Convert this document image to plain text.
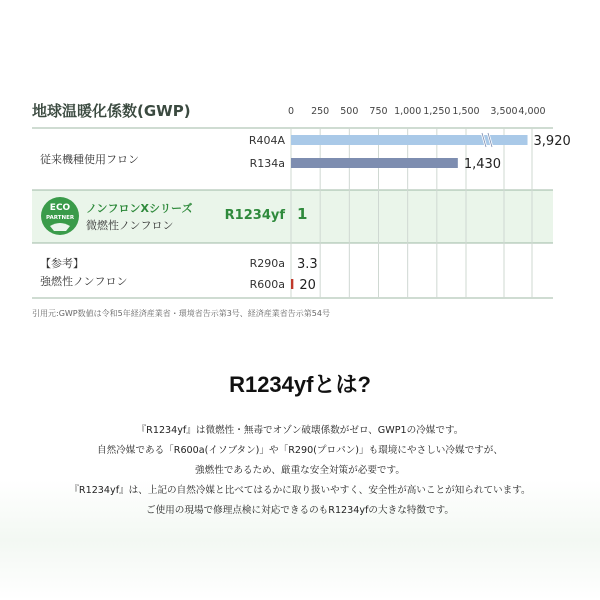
地球温暖化係数(GWP)	0 250 500 750 1,000 1,250 1,500 3,500 4,000
従来機種使用フロン
ECO
PARTNER
ノンフロンXシリーズ
微燃性ノンフロン
【参考】
強燃性ノンフロン
R404A	3,920
R134a	1,430
R1234yf 1
R290a 3.3
R600a 20
引用元:GWP数値は令和5年経済産業省・環境省告示第3号、経済産業省告示第54号
R1234yfとは?
『R1234yf』は微燃性・無毒でオゾン破壊係数がゼロ、GWP1の冷媒です。
自然冷媒である「R600a(イソブタン)」や「R290(プロパン)」も環境にやさしい冷媒ですが、
強燃性であるため、厳重な安全対策が必要です。
『R1234yf』は、上記の自然冷媒と比べてはるかに取り扱いやすく、安全性が高いことが知られています。
ご使用の現場で修理点検に対応できるのもR1234yfの大きな特徴です。
